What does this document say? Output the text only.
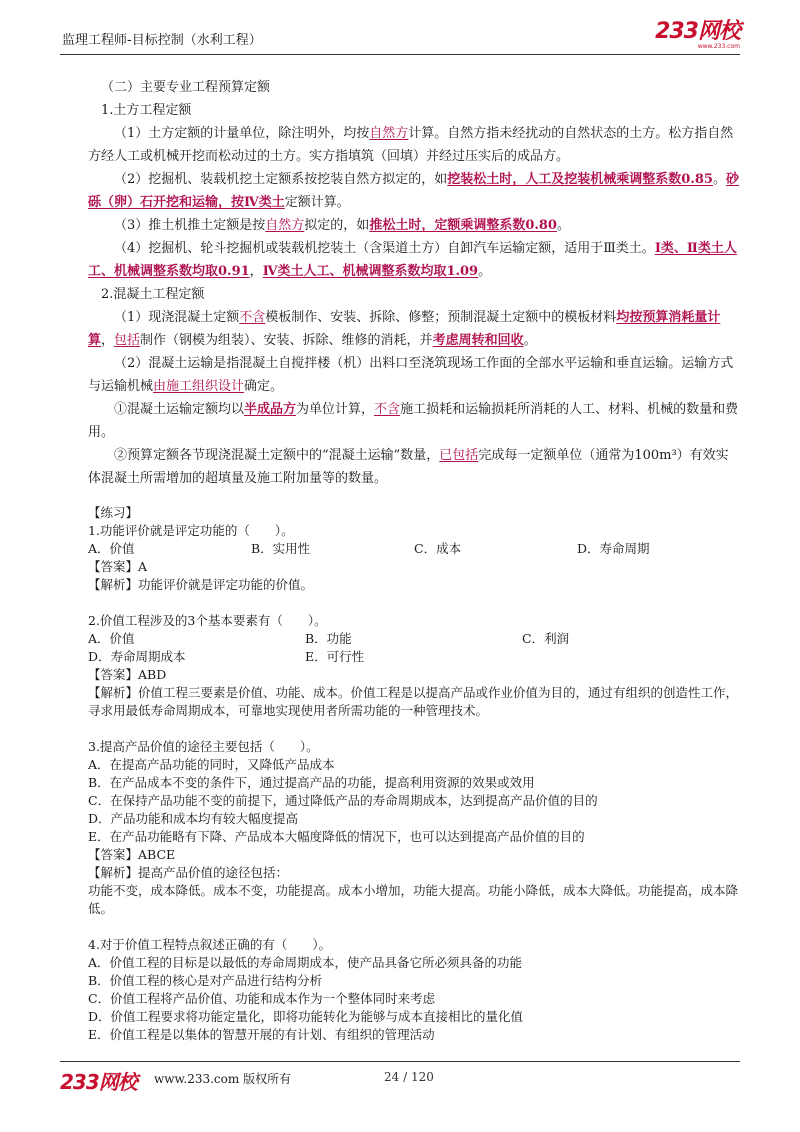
监理工程师-目标控制（水利工程）	233网校
www.233.com

（二）主要专业工程预算定额

1.土方工程定额

（1）土方定额的计量单位，除注明外，均按自然方计算。自然方指未经扰动的自然状态的土方。松方指自然方经人工或机械开挖而松动过的土方。实方指填筑（回填）并经过压实后的成品方。

（2）挖掘机、装载机挖土定额系按挖装自然方拟定的，如挖装松土时，人工及挖装机械乘调整系数0.85。砂砾（卵）石开挖和运输，按Ⅳ类土定额计算。

（3）推土机推土定额是按自然方拟定的，如推松土时，定额乘调整系数0.80。

（4）挖掘机、轮斗挖掘机或装载机挖装土（含渠道土方）自卸汽车运输定额，适用于Ⅲ类土。Ⅰ类、Ⅱ类土人工、机械调整系数均取0.91，Ⅳ类土人工、机械调整系数均取1.09。

2.混凝土工程定额

（1）现浇混凝土定额不含模板制作、安装、拆除、修整；预制混凝土定额中的模板材料均按预算消耗量计算，包括制作（钢模为组装）、安装、拆除、维修的消耗，并考虑周转和回收。

（2）混凝土运输是指混凝土自搅拌楼（机）出料口至浇筑现场工作面的全部水平运输和垂直运输。运输方式与运输机械由施工组织设计确定。

①混凝土运输定额均以半成品方为单位计算，不含施工损耗和运输损耗所消耗的人工、材料、机械的数量和费用。

②预算定额各节现浇混凝土定额中的“混凝土运输”数量，已包括完成每一定额单位（通常为100m³）有效实体混凝土所需增加的超填量及施工附加量等的数量。

【练习】

1.功能评价就是评定功能的（　　）。

A．价值	B．实用性	C．成本	D．寿命周期

【答案】A

【解析】功能评价就是评定功能的价值。

2.价值工程涉及的3个基本要素有（　　）。

A．价值	B．功能	C．利润
D．寿命周期成本	E．可行性

【答案】ABD

【解析】价值工程三要素是价值、功能、成本。价值工程是以提高产品或作业价值为目的，通过有组织的创造性工作，寻求用最低寿命周期成本，可靠地实现使用者所需功能的一种管理技术。

3.提高产品价值的途径主要包括（　　）。

A．在提高产品功能的同时，又降低产品成本

B．在产品成本不变的条件下，通过提高产品的功能，提高利用资源的效果或效用

C．在保持产品功能不变的前提下，通过降低产品的寿命周期成本，达到提高产品价值的目的

D．产品功能和成本均有较大幅度提高

E．在产品功能略有下降、产品成本大幅度降低的情况下，也可以达到提高产品价值的目的

【答案】ABCE

【解析】提高产品价值的途径包括：

功能不变，成本降低。成本不变，功能提高。成本小增加，功能大提高。功能小降低，成本大降低。功能提高，成本降低。

4.对于价值工程特点叙述正确的有（　　）。

A．价值工程的目标是以最低的寿命周期成本，使产品具备它所必须具备的功能

B．价值工程的核心是对产品进行结构分析

C．价值工程将产品价值、功能和成本作为一个整体同时来考虑

D．价值工程要求将功能定量化，即将功能转化为能够与成本直接相比的量化值

E．价值工程是以集体的智慧开展的有计划、有组织的管理活动

233网校 www.233.com 版权所有	24 / 120
